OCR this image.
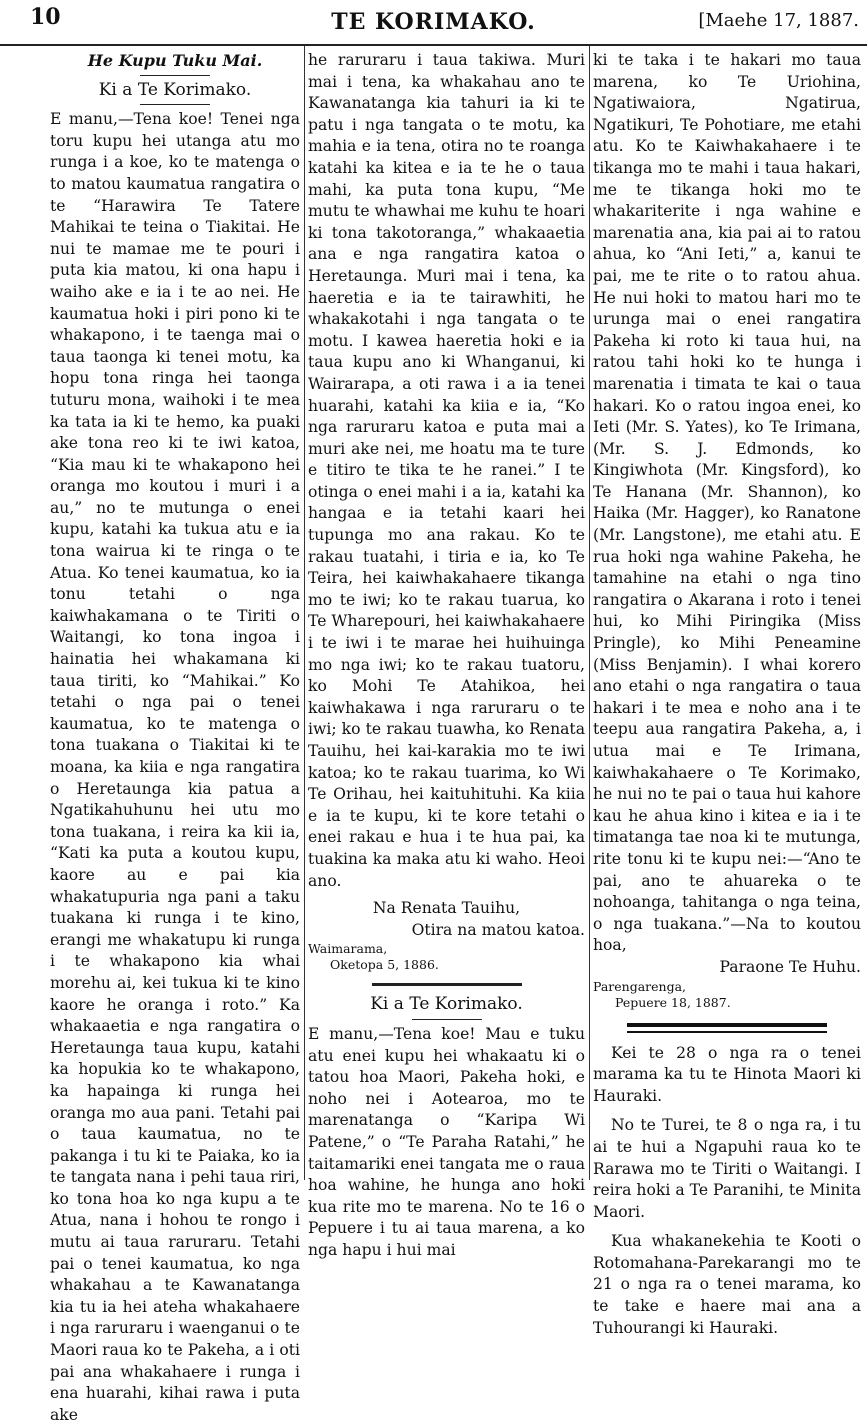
10	TE KORIMAKO.	[Maehe 17, 1887.

He Kupu Tuku Mai.

Ki a Te Korimako.

E manu,—Tena koe! Tenei nga toru kupu hei utanga atu mo runga i a koe, ko te matenga o to matou kaumatua rangatira o te “Harawira Te Tatere Mahikai te teina o Tiakitai. He nui te mamae me te pouri i puta kia matou, ki ona hapu i waiho ake e ia i te ao nei. He kaumatua hoki i piri pono ki te whakapono, i te taenga mai o taua taonga ki tenei motu, ka hopu tona ringa hei taonga tuturu mona, waihoki i te mea ka tata ia ki te hemo, ka puaki ake tona reo ki te iwi katoa, “Kia mau ki te whakapono hei oranga mo koutou i muri i a au,” no te mutunga o enei kupu, katahi ka tukua atu e ia tona wairua ki te ringa o te Atua. Ko tenei kaumatua, ko ia tonu tetahi o nga kaiwhakamana o te Tiriti o Waitangi, ko tona ingoa i hainatia hei whakamana ki taua tiriti, ko “Mahikai.” Ko tetahi o nga pai o tenei kaumatua, ko te matenga o tona tuakana o Tiakitai ki te moana, ka kiia e nga rangatira o Heretaunga kia patua a Ngatikahuhunu hei utu mo tona tuakana, i reira ka kii ia, “Kati ka puta a koutou kupu, kaore au e pai kia whakatupuria nga pani a taku tuakana ki runga i te kino, erangi me whakatupu ki runga i te whakapono kia whai morehu ai, kei tukua ki te kino kaore he oranga i roto.” Ka whakaaetia e nga rangatira o Heretaunga taua kupu, katahi ka hopukia ko te whakapono, ka hapainga ki runga hei oranga mo aua pani. Tetahi pai o taua kaumatua, no te pakanga i tu ki te Paiaka, ko ia te tangata nana i pehi taua riri, ko tona hoa ko nga kupu a te Atua, nana i hohou te rongo i mutu ai taua raruraru. Tetahi pai o tenei kaumatua, ko nga whakahau a te Kawanatanga kia tu ia hei ateha whakahaere i nga raruraru i waenganui o te Maori raua ko te Pakeha, a i oti pai ana whakahaere i runga i ena huarahi, kihai rawa i puta ake

he raruraru i taua takiwa. Muri mai i tena, ka whakahau ano te Kawanatanga kia tahuri ia ki te patu i nga tangata o te motu, ka mahia e ia tena, otira no te roanga katahi ka kitea e ia te he o taua mahi, ka puta tona kupu, “Me mutu te whawhai me kuhu te hoari ki tona takotoranga,” whakaaetia ana e nga rangatira katoa o Heretaunga. Muri mai i tena, ka haeretia e ia te tairawhiti, he whakakotahi i nga tangata o te motu. I kawea haeretia hoki e ia taua kupu ano ki Whanganui, ki Wairarapa, a oti rawa i a ia tenei huarahi, katahi ka kiia e ia, “Ko nga raruraru katoa e puta mai a muri ake nei, me hoatu ma te ture e titiro te tika te he ranei.” I te otinga o enei mahi i a ia, katahi ka hangaa e ia tetahi kaari hei tupunga mo ana rakau. Ko te rakau tuatahi, i tiria e ia, ko Te Teira, hei kaiwhakahaere tikanga mo te iwi; ko te rakau tuarua, ko Te Wharepouri, hei kaiwhakahaere i te iwi i te marae hei huihuinga mo nga iwi; ko te rakau tuatoru, ko Mohi Te Atahikoa, hei kaiwhakawa i nga raruraru o te iwi; ko te rakau tuawha, ko Renata Tauihu, hei kai-karakia mo te iwi katoa; ko te rakau tuarima, ko Wi Te Orihau, hei kaituhituhi. Ka kiia e ia te kupu, ki te kore tetahi o enei rakau e hua i te hua pai, ka tuakina ka maka atu ki waho. Heoi ano.

Na Renata Tauihu,

Otira na matou katoa.

Waimarama,

Oketopa 5, 1886.

Ki a Te Korimako.

E manu,—Tena koe! Mau e tuku atu enei kupu hei whakaatu ki o tatou hoa Maori, Pakeha hoki, e noho nei i Aotearoa, mo te marenatanga o “Karipa Wi Patene,” o “Te Paraha Ratahi,” he taitamariki enei tangata me o raua hoa wahine, he hunga ano hoki kua rite mo te marena. No te 16 o Pepuere i tu ai taua marena, a ko nga hapu i hui mai

ki te taka i te hakari mo taua marena, ko Te Uriohina, Ngatiwaiora, Ngatirua, Ngatikuri, Te Pohotiare, me etahi atu. Ko te Kaiwhakahaere i te tikanga mo te mahi i taua hakari, me te tikanga hoki mo te whakariterite i nga wahine e marenatia ana, kia pai ai to ratou ahua, ko “Ani Ieti,” a, kanui te pai, me te rite o to ratou ahua. He nui hoki to matou hari mo te urunga mai o enei rangatira Pakeha ki roto ki taua hui, na ratou tahi hoki ko te hunga i marenatia i timata te kai o taua hakari. Ko o ratou ingoa enei, ko Ieti (Mr. S. Yates), ko Te Irimana, (Mr. S. J. Edmonds, ko Kingiwhota (Mr. Kingsford), ko Te Hanana (Mr. Shannon), ko Haika (Mr. Hagger), ko Ranatone (Mr. Langstone), me etahi atu. E rua hoki nga wahine Pakeha, he tamahine na etahi o nga tino rangatira o Akarana i roto i tenei hui, ko Mihi Piringika (Miss Pringle), ko Mihi Peneamine (Miss Benjamin). I whai korero ano etahi o nga rangatira o taua hakari i te mea e noho ana i te teepu aua rangatira Pakeha, a, i utua mai e Te Irimana, kaiwhakahaere o Te Korimako, he nui no te pai o taua hui kahore kau he ahua kino i kitea e ia i te timatanga tae noa ki te mutunga, rite tonu ki te kupu nei:—“Ano te pai, ano te ahuareka o te nohoanga, tahitanga o nga teina, o nga tuakana.”—Na to koutou hoa,

Paraone Te Huhu.

Parengarenga,

Pepuere 18, 1887.

Kei te 28 o nga ra o tenei marama ka tu te Hinota Maori ki Hauraki.

No te Turei, te 8 o nga ra, i tu ai te hui a Ngapuhi raua ko te Rarawa mo te Tiriti o Waitangi. I reira hoki a Te Paranihi, te Minita Maori.

Kua whakanekehia te Kooti o Rotomahana-Parekarangi mo te 21 o nga ra o tenei marama, ko te take e haere mai ana a Tuhourangi ki Hauraki.
